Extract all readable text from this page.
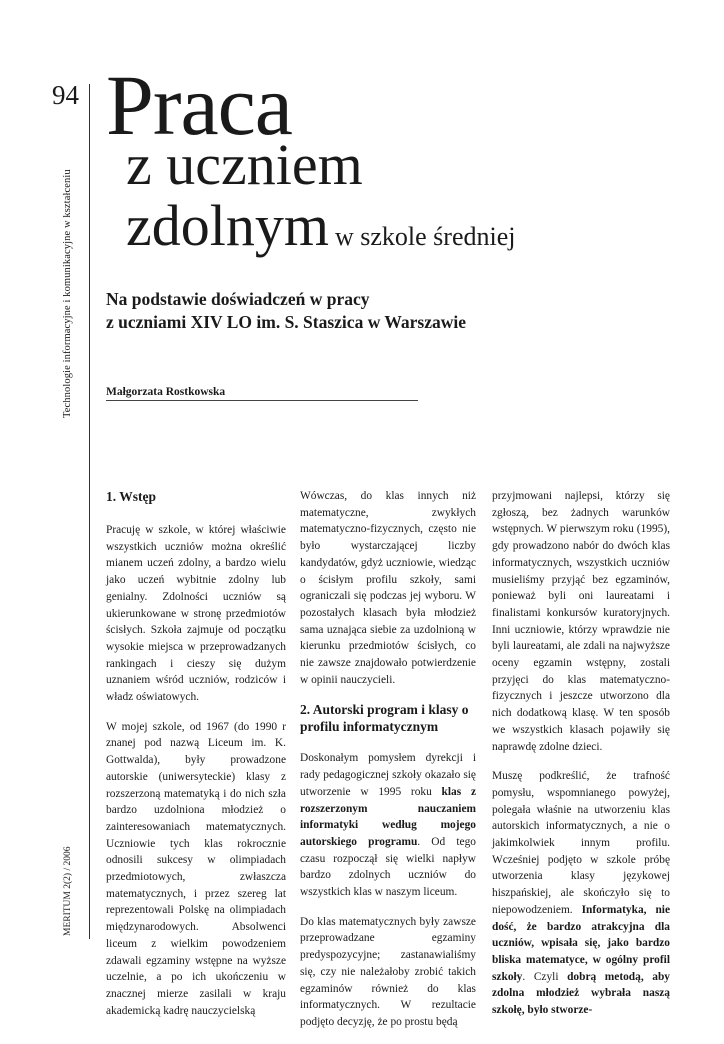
94
Technologie informacyjne i komunikacyjne w kształceniu
MERITUM 2(2) / 2006
Praca
z uczniem
zdolnym w szkole średniej
Na podstawie doświadczeń w pracy
z uczniami XIV LO im. S. Staszica w Warszawie
Małgorzata Rostkowska
1. Wstęp

Pracuję w szkole, w której właściwie wszystkich uczniów można określić mianem uczeń zdolny, a bardzo wielu jako uczeń wybitnie zdolny lub genialny. Zdolności uczniów są ukierunkowane w stronę przedmiotów ścisłych. Szkoła zajmuje od początku wysokie miejsca w przeprowadzanych rankingach i cieszy się dużym uznaniem wśród uczniów, rodziców i władz oświatowych.

W mojej szkole, od 1967 (do 1990 r znanej pod nazwą Liceum im. K. Gottwalda), były prowadzone autorskie (uniwersyteckie) klasy z rozszerzoną matematyką i do nich szła bardzo uzdolniona młodzież o zainteresowaniach matematycznych. Uczniowie tych klas rokrocznie odnosili sukcesy w olimpiadach przedmiotowych, zwłaszcza matematycznych, i przez szereg lat reprezentowali Polskę na olimpiadach międzynarodowych. Absolwenci liceum z wielkim powodzeniem zdawali egzaminy wstępne na wyższe uczelnie, a po ich ukończeniu w znacznej mierze zasilali w kraju akademicką kadrę nauczycielską

Wówczas, do klas innych niż matematyczne, zwykłych matematyczno-fizycznych, często nie było wystarczającej liczby kandydatów, gdyż uczniowie, wiedząc o ścisłym profilu szkoły, sami ograniczali się podczas jej wyboru. W pozostałych klasach była młodzież sama uznająca siebie za uzdolnioną w kierunku przedmiotów ścisłych, co nie zawsze znajdowało potwierdzenie w opinii nauczycieli.

2. Autorski program i klasy o profilu informatycznym

Doskonałym pomysłem dyrekcji i rady pedagogicznej szkoły okazało się utworzenie w 1995 roku klas z rozszerzonym nauczaniem informatyki według mojego autorskiego programu. Od tego czasu rozpoczął się wielki napływ bardzo zdolnych uczniów do wszystkich klas w naszym liceum.

Do klas matematycznych były zawsze przeprowadzane egzaminy predyspozycyjne; zastanawialiśmy się, czy nie należałoby zrobić takich egzaminów również do klas informatycznych. W rezultacie podjęto decyzję, że po prostu będą

przyjmowani najlepsi, którzy się zgłoszą, bez żadnych warunków wstępnych. W pierwszym roku (1995), gdy prowadzono nabór do dwóch klas informatycznych, wszystkich uczniów musieliśmy przyjąć bez egzaminów, ponieważ byli oni laureatami i finalistami konkursów kuratoryjnych. Inni uczniowie, którzy wprawdzie nie byli laureatami, ale zdali na najwyższe oceny egzamin wstępny, zostali przyjęci do klas matematyczno-fizycznych i jeszcze utworzono dla nich dodatkową klasę. W ten sposób we wszystkich klasach pojawiły się naprawdę zdolne dzieci.

Muszę podkreślić, że trafność pomysłu, wspomnianego powyżej, polegała właśnie na utworzeniu klas autorskich informatycznych, a nie o jakimkolwiek innym profilu. Wcześniej podjęto w szkole próbę utworzenia klasy językowej hiszpańskiej, ale skończyło się to niepowodzeniem. Informatyka, nie dość, że bardzo atrakcyjna dla uczniów, wpisała się, jako bardzo bliska matematyce, w ogólny profil szkoły. Czyli dobrą metodą, aby zdolna młodzież wybrała naszą szkołę, było stworze-
